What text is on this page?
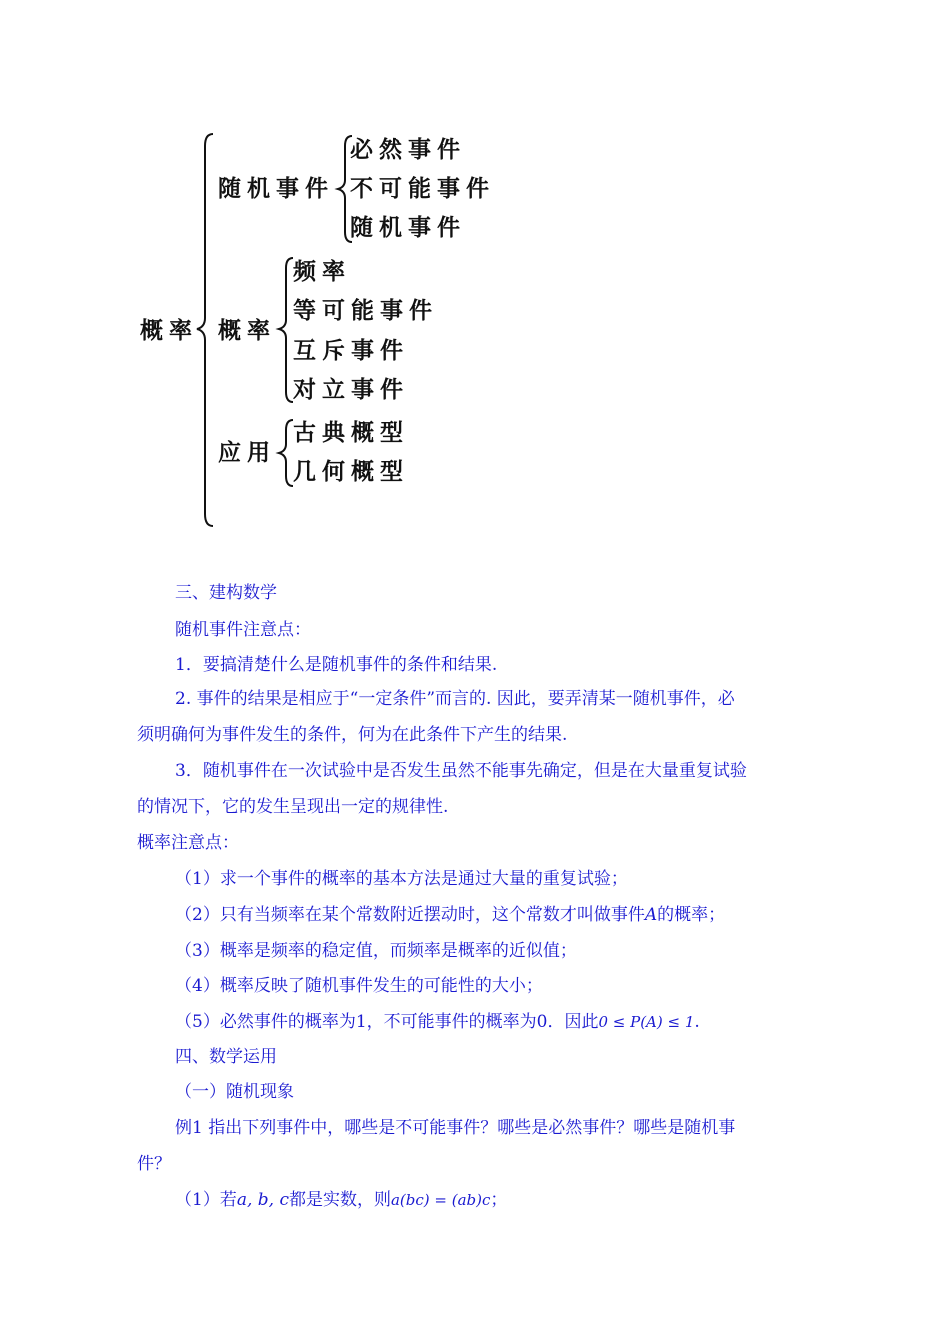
概率
随机事件
必然事件
不可能事件
随机事件
概率
频率
等可能事件
互斥事件
对立事件
应用
古典概型
几何概型
三、建构数学
随机事件注意点：
1．要搞清楚什么是随机事件的条件和结果.
2. 事件的结果是相应于“一定条件”而言的. 因此，要弄清某一随机事件，必
须明确何为事件发生的条件，何为在此条件下产生的结果.
3．随机事件在一次试验中是否发生虽然不能事先确定，但是在大量重复试验
的情况下，它的发生呈现出一定的规律性.
概率注意点：
（1）求一个事件的概率的基本方法是通过大量的重复试验；
（2）只有当频率在某个常数附近摆动时，这个常数才叫做事件A的概率；
（3）概率是频率的稳定值，而频率是概率的近似值；
（4）概率反映了随机事件发生的可能性的大小；
（5）必然事件的概率为1，不可能事件的概率为0．因此0 ≤ P(A) ≤ 1.
四、数学运用
（一）随机现象
例1 指出下列事件中，哪些是不可能事件？哪些是必然事件？哪些是随机事
件？
（1）若a, b, c都是实数，则a(bc) = (ab)c；
